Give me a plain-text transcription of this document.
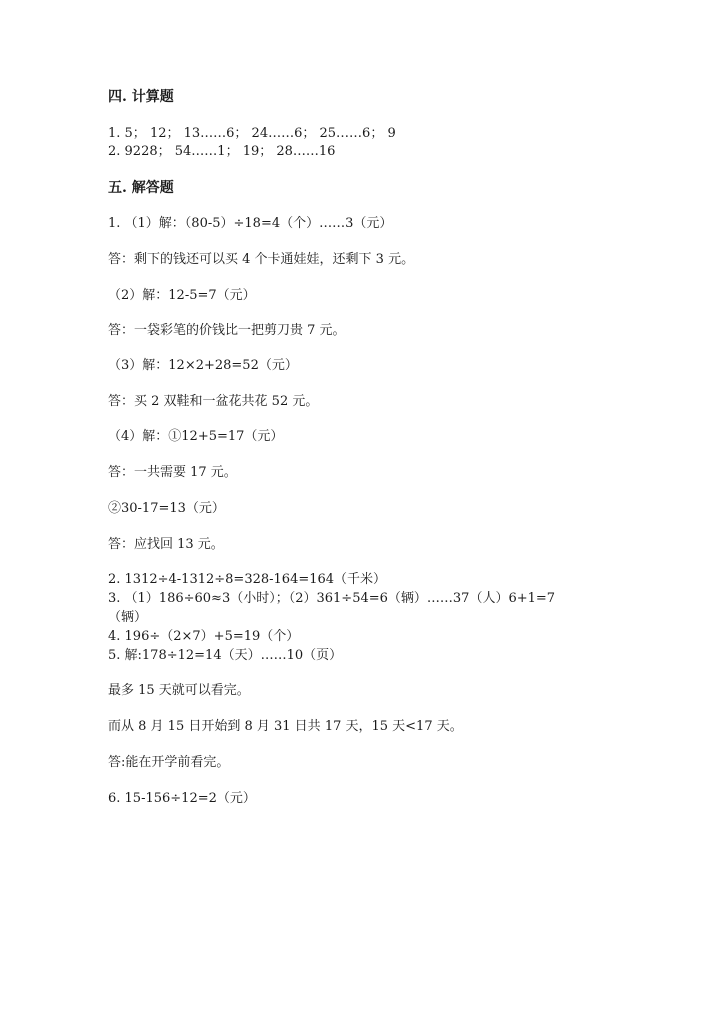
四. 计算题
1. 5； 12； 13……6； 24……6； 25……6； 9
2. 9228； 54……1； 19； 28……16
五. 解答题
1. （1）解：（80-5）÷18=4（个）……3（元）
答：剩下的钱还可以买 4 个卡通娃娃，还剩下 3 元。
（2）解：12-5=7（元）
答：一袋彩笔的价钱比一把剪刀贵 7 元。
（3）解：12×2+28=52（元）
答：买 2 双鞋和一盆花共花 52 元。
（4）解：①12+5=17（元）
答：一共需要 17 元。
②30-17=13（元）
答：应找回 13 元。
2. 1312÷4-1312÷8=328-164=164（千米）
3. （1）186÷60≈3（小时）；（2）361÷54=6（辆）……37（人）6+1=7
（辆）
4. 196÷（2×7）+5=19（个）
5. 解:178÷12=14（天）……10（页）
最多 15 天就可以看完。
而从 8 月 15 日开始到 8 月 31 日共 17 天，15 天<17 天。
答:能在开学前看完。
6. 15-156÷12=2（元）
